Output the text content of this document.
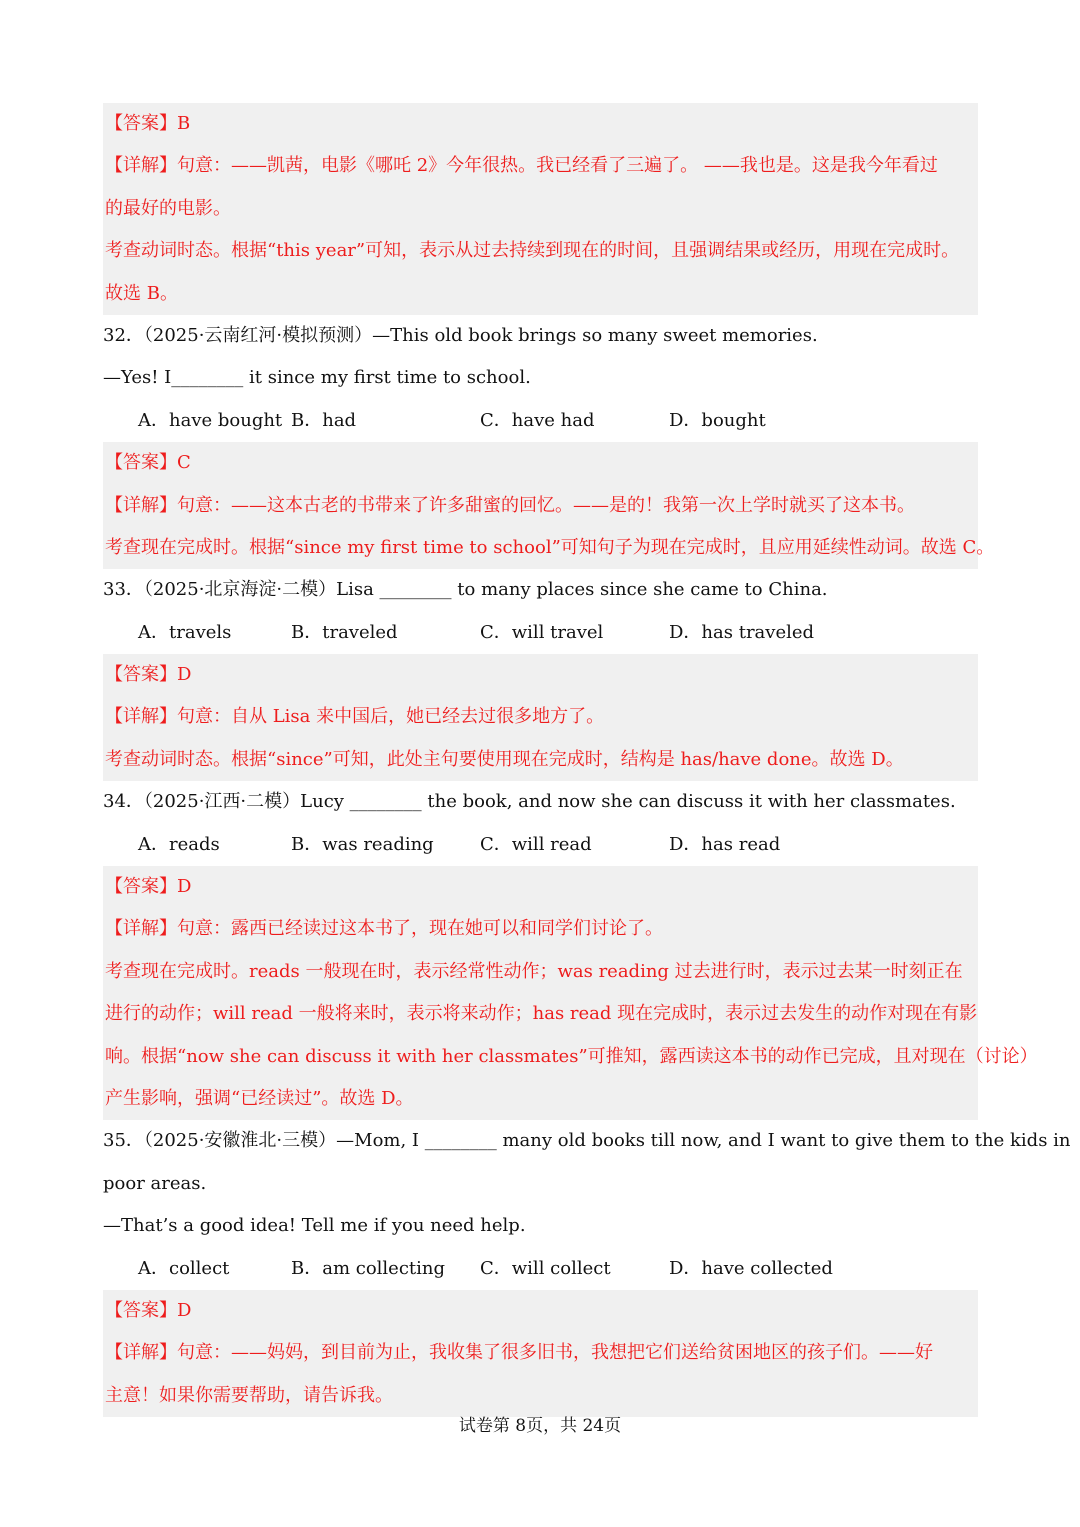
【答案】B
【详解】句意：——凯茜，电影《哪吒 2》今年很热。我已经看了三遍了。 ——我也是。这是我今年看过
的最好的电影。
考查动词时态。根据“this year”可知，表示从过去持续到现在的时间，且强调结果或经历，用现在完成时。
故选 B。
32．（2025·云南红河·模拟预测）—This old book brings so many sweet memories.
—Yes! I________ it since my first time to school.
A．have bought B．had	C．have had	D．bought
【答案】C
【详解】句意：——这本古老的书带来了许多甜蜜的回忆。——是的！我第一次上学时就买了这本书。
考查现在完成时。根据“since my first time to school”可知句子为现在完成时，且应用延续性动词。故选 C。
33．（2025·北京海淀·二模）Lisa ________ to many places since she came to China.
A．travels	B．traveled	C．will travel	D．has traveled
【答案】D
【详解】句意：自从 Lisa 来中国后，她已经去过很多地方了。
考查动词时态。根据“since”可知，此处主句要使用现在完成时，结构是 has/have done。故选 D。
34．（2025·江西·二模）Lucy ________ the book, and now she can discuss it with her classmates.
A．reads	B．was reading	C．will read	D．has read
【答案】D
【详解】句意：露西已经读过这本书了，现在她可以和同学们讨论了。
考查现在完成时。reads 一般现在时，表示经常性动作；was reading 过去进行时，表示过去某一时刻正在
进行的动作；will read 一般将来时，表示将来动作；has read 现在完成时，表示过去发生的动作对现在有影
响。根据“now she can discuss it with her classmates”可推知，露西读这本书的动作已完成，且对现在（讨论）
产生影响，强调“已经读过”。故选 D。
35．（2025·安徽淮北·三模）—Mom, I ________ many old books till now, and I want to give them to the kids in
poor areas.
—That’s a good idea! Tell me if you need help.
A．collect	B．am collecting C．will collect	D．have collected
【答案】D
【详解】句意：——妈妈，到目前为止，我收集了很多旧书，我想把它们送给贫困地区的孩子们。——好
主意！如果你需要帮助，请告诉我。
试卷第 8页，共 24页
